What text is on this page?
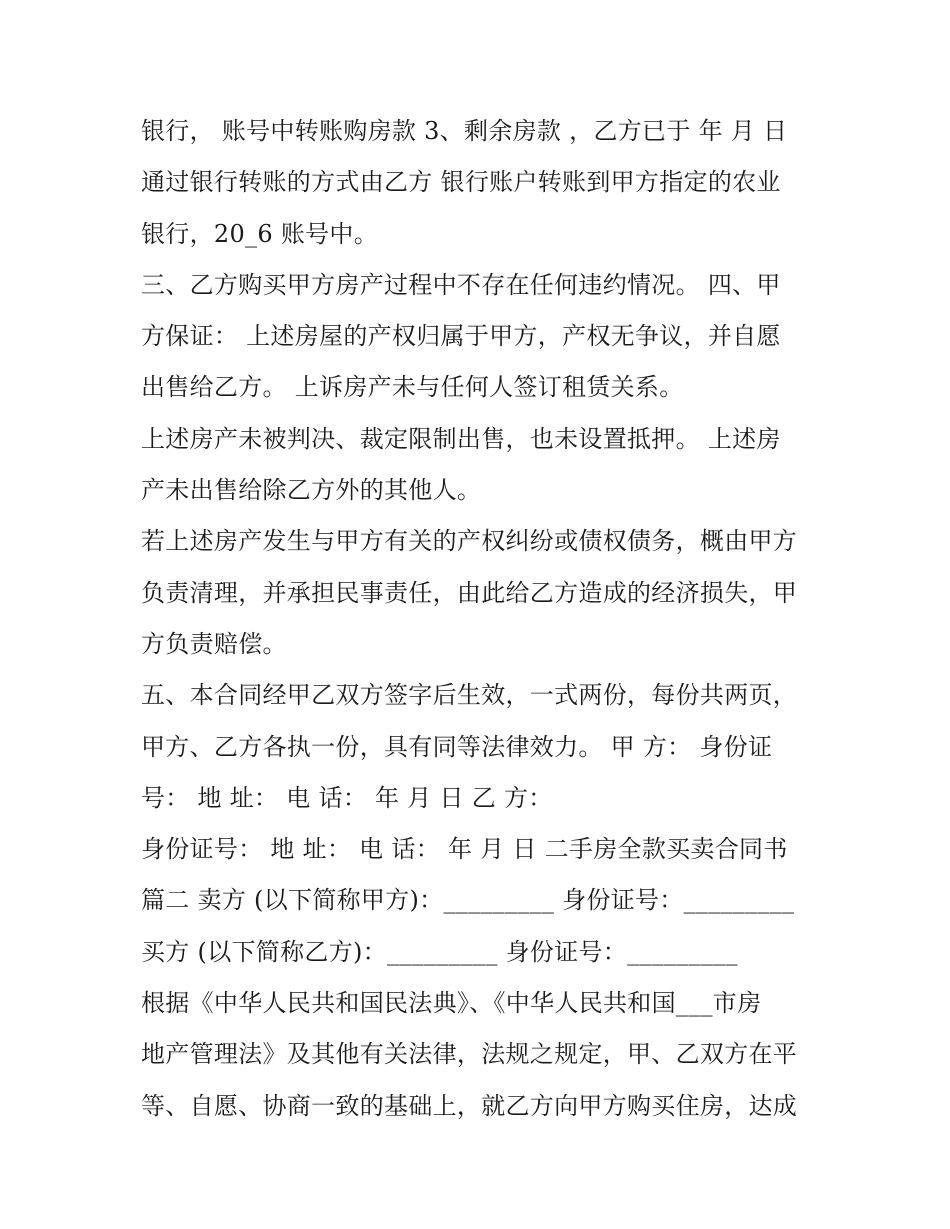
银行， 账号中转账购房款 3、剩余房款 ，乙方已于 年 月 日
通过银行转账的方式由乙方 银行账户转账到甲方指定的农业
银行，20_6 账号中。
三、乙方购买甲方房产过程中不存在任何违约情况。 四、甲
方保证： 上述房屋的产权归属于甲方，产权无争议，并自愿
出售给乙方。 上诉房产未与任何人签订租赁关系。
上述房产未被判决、裁定限制出售，也未设置抵押。 上述房
产未出售给除乙方外的其他人。
若上述房产发生与甲方有关的产权纠纷或债权债务，概由甲方
负责清理，并承担民事责任，由此给乙方造成的经济损失，甲
方负责赔偿。
五、本合同经甲乙双方签字后生效，一式两份，每份共两页，
甲方、乙方各执一份，具有同等法律效力。 甲 方： 身份证
号： 地 址： 电 话： 年 月 日 乙 方：
身份证号： 地 址： 电 话： 年 月 日 二手房全款买卖合同书
篇二 卖方 (以下简称甲方)：_________ 身份证号：_________
买方 (以下简称乙方)：_________ 身份证号：_________
根据《中华人民共和国民法典》、《中华人民共和国___市房
地产管理法》及其他有关法律，法规之规定，甲、乙双方在平
等、自愿、协商一致的基础上，就乙方向甲方购买住房，达成
